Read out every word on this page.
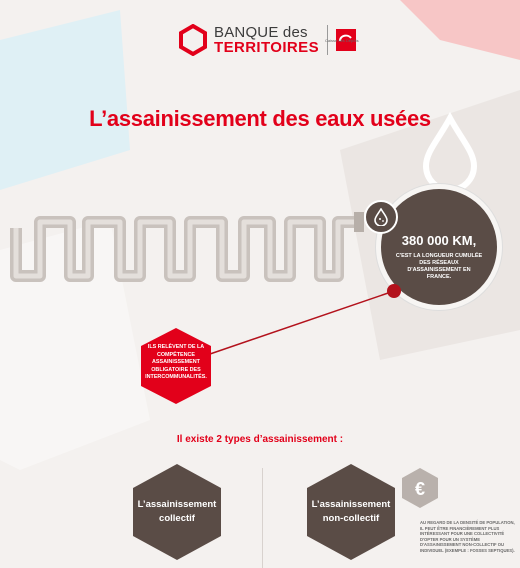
BANQUE des
TERRITOIRES Caisse des Dépôts
L’assainissement des eaux usées
380 000 KM,
C'EST LA LONGUEUR CUMULÉE DES RÉSEAUX D'ASSAINISSEMENT EN FRANCE.
ILS RELÈVENT DE LA COMPÉTENCE ASSAINISSEMENT OBLIGATOIRE DES INTERCOMMUNALITÉS.
Il existe 2 types d’assainissement :
L’assainissement collectif
L’assainissement non-collectif
€
AU REGARD DE LA DENSITÉ DE POPULATION, IL PEUT ÊTRE FINANCIÈREMENT PLUS INTÉRESSANT POUR UNE COLLECTIVITÉ D'OPTER POUR UN SYSTÈME D'ASSAINISSEMENT NON-COLLECTIF OU INDIVIDUEL (EXEMPLE : FOSSES SEPTIQUES).
